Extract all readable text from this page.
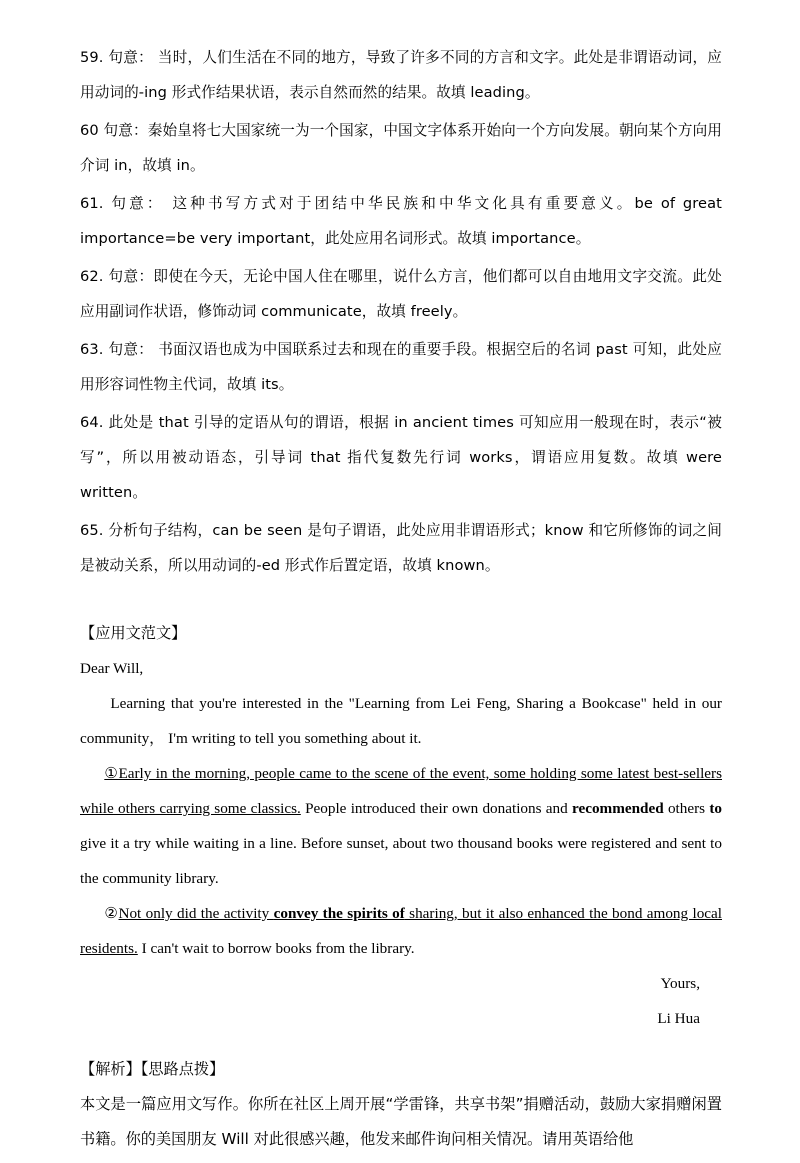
59. 句意： 当时，人们生活在不同的地方，导致了许多不同的方言和文字。此处是非谓语动词，应用动词的-ing 形式作结果状语，表示自然而然的结果。故填 leading。

60 句意：秦始皇将七大国家统一为一个国家，中国文字体系开始向一个方向发展。朝向某个方向用介词 in，故填 in。

61. 句意： 这种书写方式对于团结中华民族和中华文化具有重要意义。be of great importance=be very important，此处应用名词形式。故填 importance。

62. 句意：即使在今天，无论中国人住在哪里，说什么方言，他们都可以自由地用文字交流。此处应用副词作状语，修饰动词 communicate，故填 freely。

63. 句意： 书面汉语也成为中国联系过去和现在的重要手段。根据空后的名词 past 可知，此处应用形容词性物主代词，故填 its。

64. 此处是 that 引导的定语从句的谓语，根据 in ancient times 可知应用一般现在时，表示“被写”，所以用被动语态，引导词 that 指代复数先行词 works，谓语应用复数。故填 were written。

65. 分析句子结构，can be seen 是句子谓语，此处应用非谓语形式；know 和它所修饰的词之间是被动关系，所以用动词的-ed 形式作后置定语，故填 known。

【应用文范文】

Dear Will,

Learning that you're interested in the "Learning from Lei Feng, Sharing a Bookcase" held in our community， I'm writing to tell you something about it.

①Early in the morning, people came to the scene of the event, some holding some latest best-sellers while others carrying some classics. People introduced their own donations and recommended others to give it a try while waiting in a line. Before sunset, about two thousand books were registered and sent to the community library.

②Not only did the activity convey the spirits of sharing, but it also enhanced the bond among local residents. I can't wait to borrow books from the library.

Yours,

Li Hua

【解析】【思路点拨】

本文是一篇应用文写作。你所在社区上周开展“学雷锋，共享书架”捐赠活动，鼓励大家捐赠闲置书籍。你的美国朋友 Will 对此很感兴趣，他发来邮件询问相关情况。请用英语给他
